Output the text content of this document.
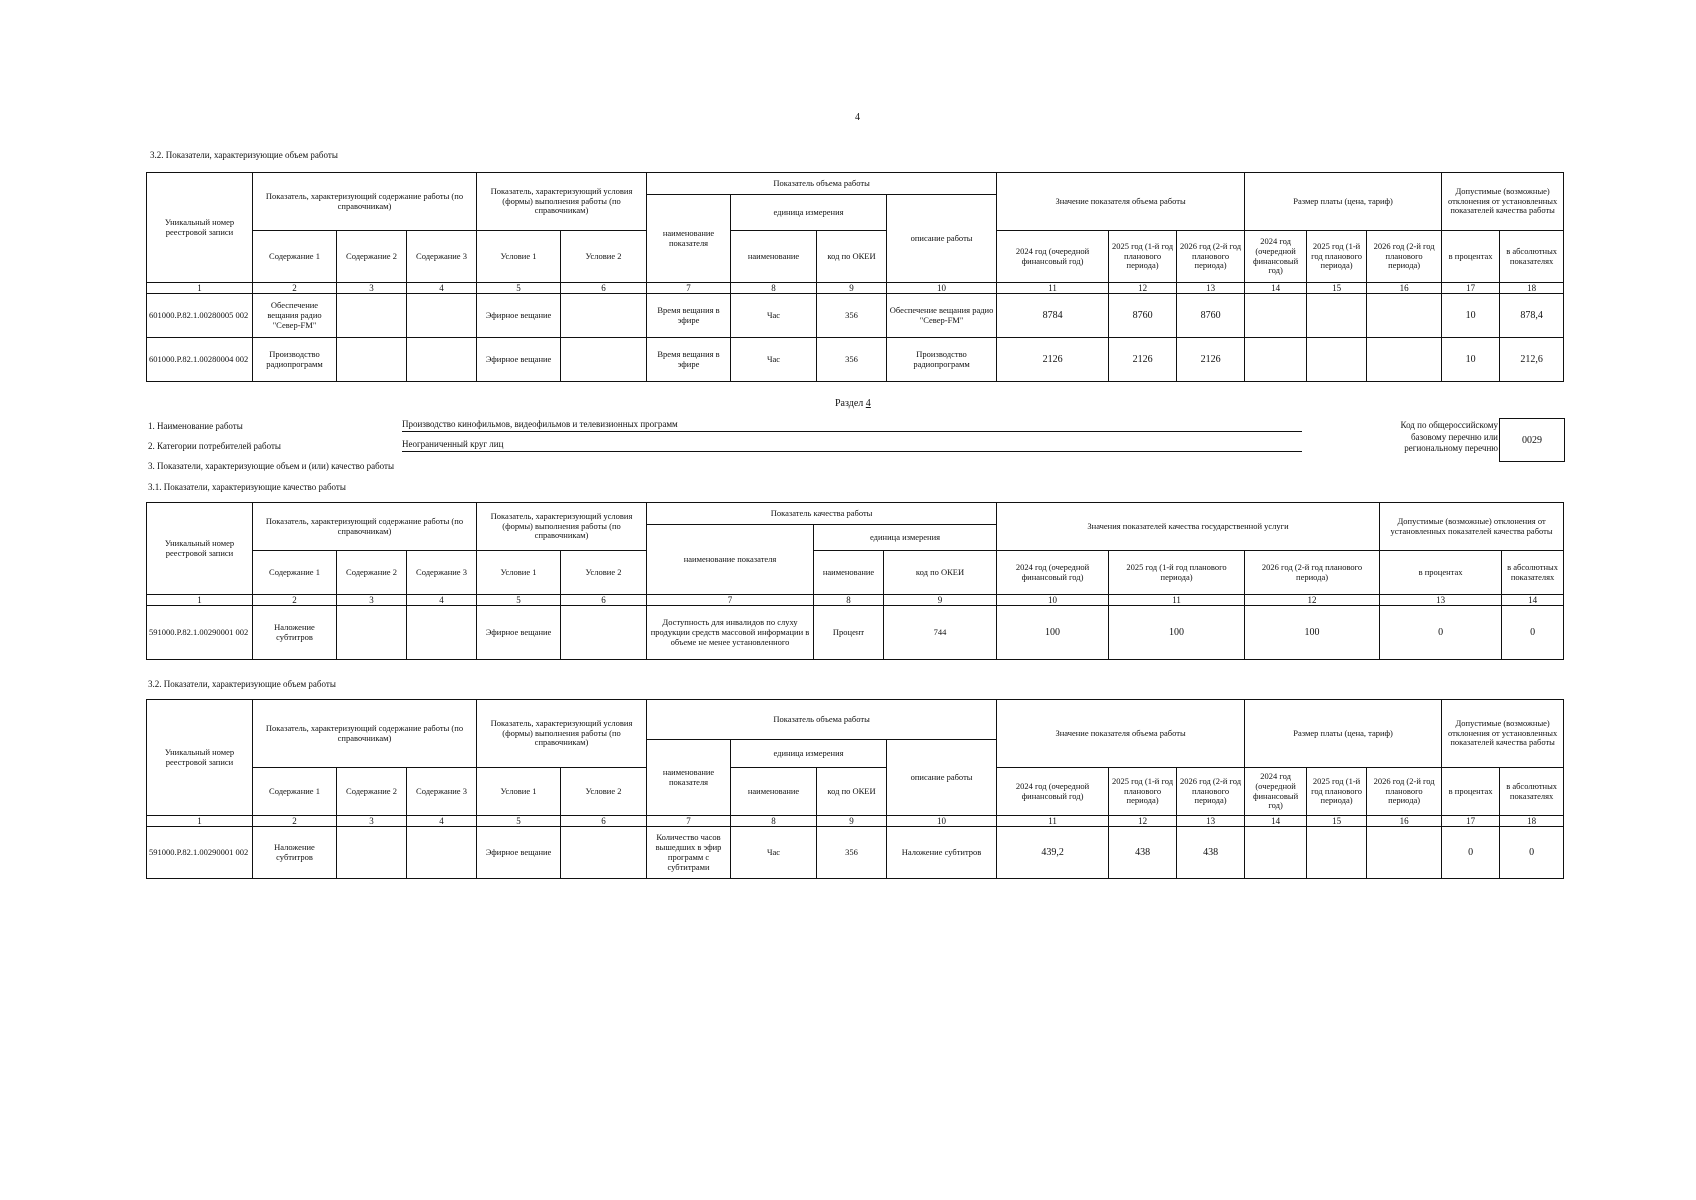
4
3.2. Показатели, характеризующие объем работы
Уникальный номер реестровой записи	Показатель, характеризующий содержание работы (по справочникам)			Показатель, характеризующий условия (формы) выполнения работы (по справочникам)		Показатель объема работы				Значение показателя объема работы			Размер платы (цена, тариф)			Допустимые (возможные) отклонения от установленных показателей качества работы	
						наименование показателя	единица измерения		описание работы								
	Содержание 1	Содержание 2	Содержание 3	Условие 1	Условие 2		наименование	код по ОКЕИ		2024 год (очередной финансовый год)	2025 год (1-й год планового периода)	2026 год (2-й год планового периода)	2024 год (очередной финансовый год)	2025 год (1-й год планового периода)	2026 год (2-й год планового периода)	в процентах	в абсолютных показателях
1	2	3	4	5	6	7	8	9	10	11	12	13	14	15	16	17	18
601000.Р.82.1.00280005 002	Обеспечение вещания радио "Север-FM"			Эфирное вещание		Время вещания в эфире	Час	356	Обеспечение вещания радио "Север-FM"	8784	8760	8760				10	878,4
601000.Р.82.1.00280004 002	Производство радиопрограмм			Эфирное вещание		Время вещания в эфире	Час	356	Производство радиопрограмм	2126	2126	2126				10	212,6
Раздел 4
1. Наименование работы	Производство кинофильмов, видеофильмов и телевизионных программ
2. Категории потребителей работы	Неограниченный круг лиц
3. Показатели, характеризующие объем и (или) качество работы
3.1. Показатели, характеризующие качество работы
Код по общероссийскому базовому перечню или региональному перечню
0029
Уникальный номер реестровой записи	Показатель, характеризующий содержание работы (по справочникам)			Показатель, характеризующий условия (формы) выполнения работы (по справочникам)		Показатель качества работы			Значения показателей качества государственной услуги			Допустимые (возможные) отклонения от установленных показателей качества работы	
						наименование показателя	единица измерения						
	Содержание 1	Содержание 2	Содержание 3	Условие 1	Условие 2		наименование	код по ОКЕИ	2024 год (очередной финансовый год)	2025 год (1-й год планового периода)	2026 год (2-й год планового периода)	в процентах	в абсолютных показателях
1	2	3	4	5	6	7	8	9	10	11	12	13	14
591000.Р.82.1.00290001 002	Наложение субтитров			Эфирное вещание		Доступность для инвалидов по слуху продукции средств массовой информации в объеме не менее установленного	Процент	744	100	100	100	0	0
3.2. Показатели, характеризующие объем работы
Уникальный номер реестровой записи	Показатель, характеризующий содержание работы (по справочникам)			Показатель, характеризующий условия (формы) выполнения работы (по справочникам)		Показатель объема работы				Значение показателя объема работы			Размер платы (цена, тариф)			Допустимые (возможные) отклонения от установленных показателей качества работы	
						наименование показателя	единица измерения		описание работы								
	Содержание 1	Содержание 2	Содержание 3	Условие 1	Условие 2		наименование	код по ОКЕИ		2024 год (очередной финансовый год)	2025 год (1-й год планового периода)	2026 год (2-й год планового периода)	2024 год (очередной финансовый год)	2025 год (1-й год планового периода)	2026 год (2-й год планового периода)	в процентах	в абсолютных показателях
1	2	3	4	5	6	7	8	9	10	11	12	13	14	15	16	17	18
591000.Р.82.1.00290001 002	Наложение субтитров			Эфирное вещание		Количество часов вышедших в эфир программ с субтитрами	Час	356	Наложение субтитров	439,2	438	438				0	0
